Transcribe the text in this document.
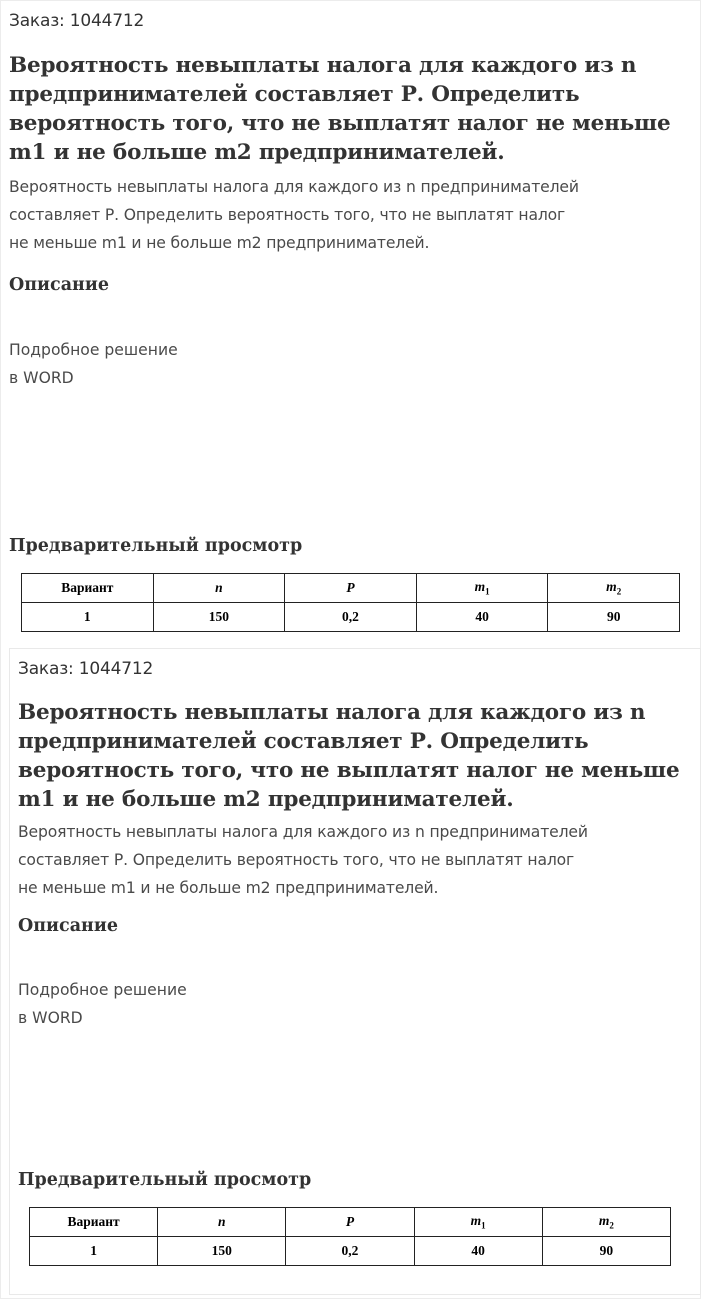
Заказ: 1044712
Вероятность невыплаты налога для каждого из n
предпринимателей составляет Р. Определить
вероятность того, что не выплатят налог не меньше
m1 и не больше m2 предпринимателей.
Вероятность невыплаты налога для каждого из n предпринимателей
составляет Р. Определить вероятность того, что не выплатят налог
не меньше m1 и не больше m2 предпринимателей.
Описание
Подробное решение
в WORD
Предварительный просмотр
Вариант	n	P	$m_1$	$m_2$
1	150	0,2	40	90
Заказ: 1044712
Вероятность невыплаты налога для каждого из n
предпринимателей составляет Р. Определить
вероятность того, что не выплатят налог не меньше
m1 и не больше m2 предпринимателей.
Вероятность невыплаты налога для каждого из n предпринимателей
составляет Р. Определить вероятность того, что не выплатят налог
не меньше m1 и не больше m2 предпринимателей.
Описание
Подробное решение
в WORD
Предварительный просмотр
Вариант	n	P	$m_1$	$m_2$
1	150	0,2	40	90
